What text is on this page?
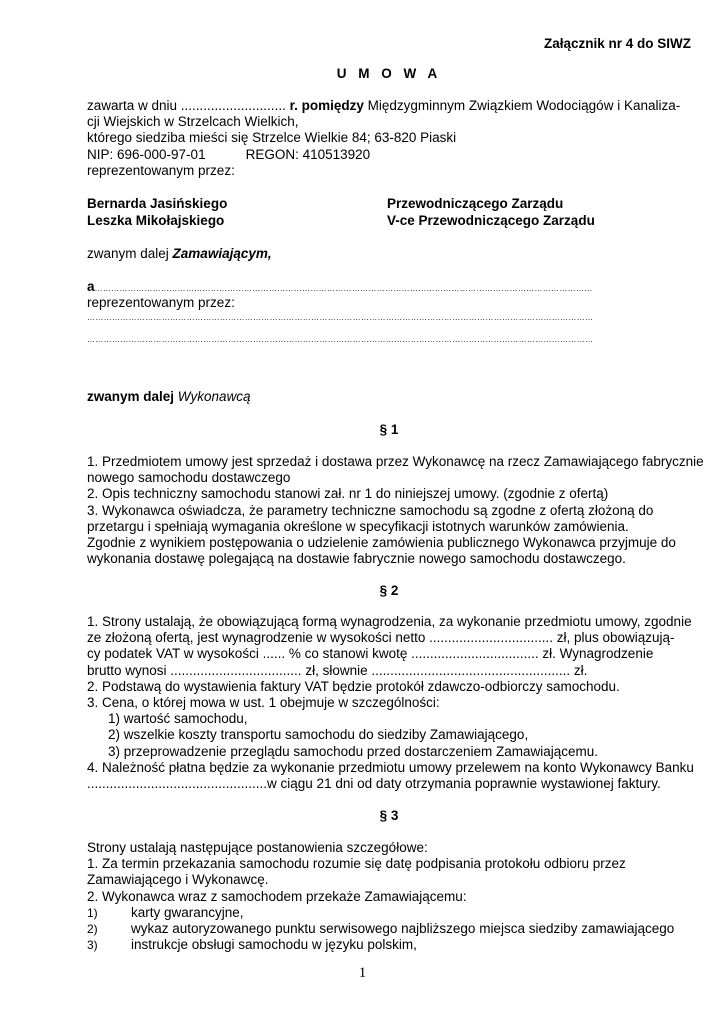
Załącznik nr 4 do SIWZ
U M O W A
zawarta w dniu ............................ r. pomiędzy Międzygminnym Związkiem Wodociągów i Kanaliza-
cji Wiejskich w Strzelcach Wielkich,
którego siedziba mieści się Strzelce Wielkie 84; 63-820 Piaski
NIP: 696-000-97-01	REGON: 410513920
reprezentowanym przez:
Bernarda Jasińskiego	Przewodniczącego Zarządu
Leszka Mikołajskiego	V-ce Przewodniczącego Zarządu
zwanym dalej Zamawiającym,
a………………………………………………………………………………………………………………………………………………………………
reprezentowanym przez:
…………………………………………………………………………………………………………………………………………………………………
…………………………………………………………………………………………………………………………………………………………………
zwanym dalej Wykonawcą
§ 1
1. Przedmiotem umowy jest sprzedaż i dostawa przez Wykonawcę na rzecz Zamawiającego fabrycznie
nowego samochodu dostawczego
2. Opis techniczny samochodu stanowi zał. nr 1 do niniejszej umowy. (zgodnie z ofertą)
3. Wykonawca oświadcza, że parametry techniczne samochodu są zgodne z ofertą złożoną do
przetargu i spełniają wymagania określone w specyfikacji istotnych warunków zamówienia.
Zgodnie z wynikiem postępowania o udzielenie zamówienia publicznego Wykonawca przyjmuje do
wykonania dostawę polegającą na dostawie fabrycznie nowego samochodu dostawczego.
§ 2
1. Strony ustalają, że obowiązującą formą wynagrodzenia, za wykonanie przedmiotu umowy, zgodnie
ze złożoną ofertą, jest wynagrodzenie w wysokości netto ................................. zł, plus obowiązują-
cy podatek VAT w wysokości ...... % co stanowi kwotę .................................. zł. Wynagrodzenie
brutto wynosi ................................... zł, słownie ..................................................... zł.
2. Podstawą do wystawienia faktury VAT będzie protokół zdawczo-odbiorczy samochodu.
3. Cena, o której mowa w ust. 1 obejmuje w szczególności:
1) wartość samochodu,
2) wszelkie koszty transportu samochodu do siedziby Zamawiającego,
3) przeprowadzenie przeglądu samochodu przed dostarczeniem Zamawiającemu.
4. Należność płatna będzie za wykonanie przedmiotu umowy przelewem na konto Wykonawcy Banku
................................................w ciągu 21 dni od daty otrzymania poprawnie wystawionej faktury.
§ 3
Strony ustalają następujące postanowienia szczegółowe:
1. Za termin przekazania samochodu rozumie się datę podpisania protokołu odbioru przez
Zamawiającego i Wykonawcę.
2. Wykonawca wraz z samochodem przekaże Zamawiającemu:
1) karty gwarancyjne,
2) wykaz autoryzowanego punktu serwisowego najbliższego miejsca siedziby zamawiającego
3) instrukcje obsługi samochodu w języku polskim,
1
